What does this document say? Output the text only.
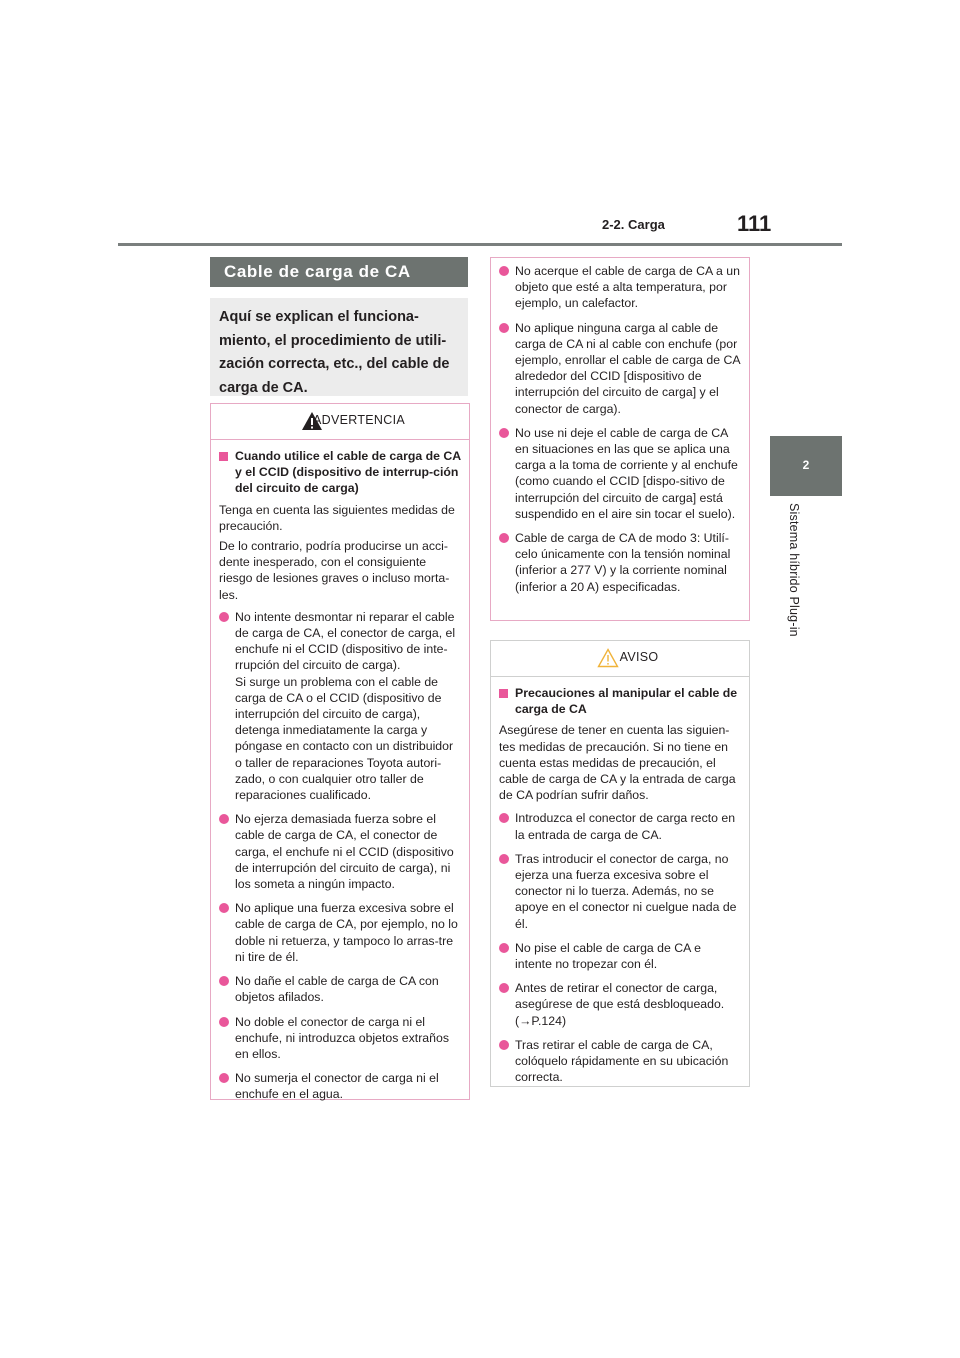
2-2. Carga	111
2
Sistema híbrido Plug-in
Cable de carga de CA

Aquí se explican el funciona-miento, el procedimiento de utili-zación correcta, etc., del cable de carga de CA.

ADVERTENCIA
Cuando utilice el cable de carga de CA y el CCID (dispositivo de interrup-ción del circuito de carga)

Tenga en cuenta las siguientes medidas de precaución.

De lo contrario, podría producirse un acci-dente inesperado, con el consiguiente riesgo de lesiones graves o incluso morta-les.

No intente desmontar ni reparar el cable de carga de CA, el conector de carga, el enchufe ni el CCID (dispositivo de inte-rrupción del circuito de carga).
Si surge un problema con el cable de carga de CA o el CCID (dispositivo de interrupción del circuito de carga), detenga inmediatamente la carga y póngase en contacto con un distribuidor o taller de reparaciones Toyota autori-zado, o con cualquier otro taller de reparaciones cualificado.
No ejerza demasiada fuerza sobre el cable de carga de CA, el conector de carga, el enchufe ni el CCID (dispositivo de interrupción del circuito de carga), ni los someta a ningún impacto.
No aplique una fuerza excesiva sobre el cable de carga de CA, por ejemplo, no lo doble ni retuerza, y tampoco lo arras-tre ni tire de él.
No dañe el cable de carga de CA con objetos afilados.
No doble el conector de carga ni el enchufe, ni introduzca objetos extraños en ellos.
No sumerja el conector de carga ni el enchufe en el agua.
No acerque el cable de carga de CA a un objeto que esté a alta temperatura, por ejemplo, un calefactor.
No aplique ninguna carga al cable de carga de CA ni al cable con enchufe (por ejemplo, enrollar el cable de carga de CA alrededor del CCID [dispositivo de interrupción del circuito de carga] y el conector de carga).
No use ni deje el cable de carga de CA en situaciones en las que se aplica una carga a la toma de corriente y al enchufe (como cuando el CCID [dispo-sitivo de interrupción del circuito de carga] está suspendido en el aire sin tocar el suelo).
Cable de carga de CA de modo 3: Utilí-celo únicamente con la tensión nominal (inferior a 277 V) y la corriente nominal (inferior a 20 A) especificadas.
AVISO
Precauciones al manipular el cable de carga de CA

Asegúrese de tener en cuenta las siguien-tes medidas de precaución. Si no tiene en cuenta estas medidas de precaución, el cable de carga de CA y la entrada de carga de CA podrían sufrir daños.

Introduzca el conector de carga recto en la entrada de carga de CA.
Tras introducir el conector de carga, no ejerza una fuerza excesiva sobre el conector ni lo tuerza. Además, no se apoye en el conector ni cuelgue nada de él.
No pise el cable de carga de CA e intente no tropezar con él.
Antes de retirar el conector de carga, asegúrese de que está desbloqueado. (→P.124)
Tras retirar el cable de carga de CA, colóquelo rápidamente en su ubicación correcta.
